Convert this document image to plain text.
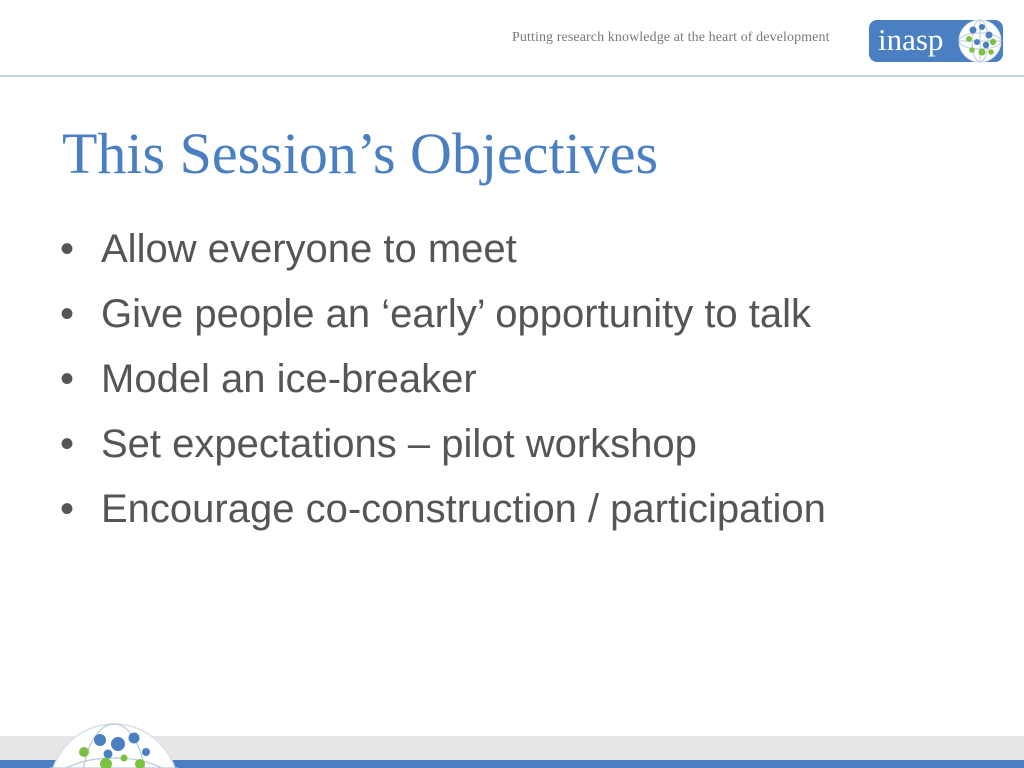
Putting research knowledge at the heart of development inasp
This Session’s Objectives
• Allow everyone to meet
• Give people an ‘early’ opportunity to talk
• Model an ice-breaker
• Set expectations – pilot workshop
• Encourage co-construction / participation
